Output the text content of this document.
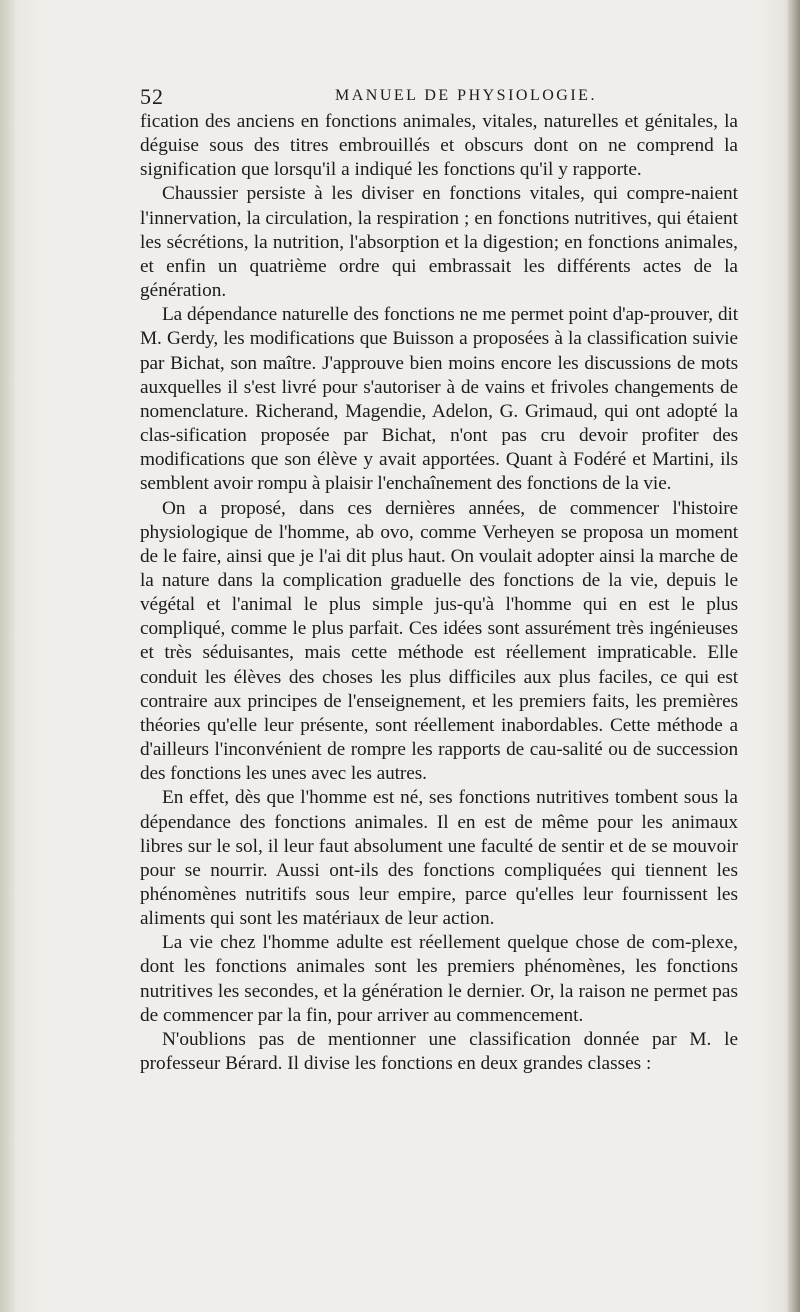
52	MANUEL DE PHYSIOLOGIE.

fication des anciens en fonctions animales, vitales, naturelles et génitales, la déguise sous des titres embrouillés et obscurs dont on ne comprend la signification que lorsqu'il a indiqué les fonctions qu'il y rapporte.

Chaussier persiste à les diviser en fonctions vitales, qui compre-naient l'innervation, la circulation, la respiration ; en fonctions nutritives, qui étaient les sécrétions, la nutrition, l'absorption et la digestion; en fonctions animales, et enfin un quatrième ordre qui embrassait les différents actes de la génération.

La dépendance naturelle des fonctions ne me permet point d'ap-prouver, dit M. Gerdy, les modifications que Buisson a proposées à la classification suivie par Bichat, son maître. J'approuve bien moins encore les discussions de mots auxquelles il s'est livré pour s'autoriser à de vains et frivoles changements de nomenclature. Richerand, Magendie, Adelon, G. Grimaud, qui ont adopté la clas-sification proposée par Bichat, n'ont pas cru devoir profiter des modifications que son élève y avait apportées. Quant à Fodéré et Martini, ils semblent avoir rompu à plaisir l'enchaînement des fonctions de la vie.

On a proposé, dans ces dernières années, de commencer l'histoire physiologique de l'homme, ab ovo, comme Verheyen se proposa un moment de le faire, ainsi que je l'ai dit plus haut. On voulait adopter ainsi la marche de la nature dans la complication graduelle des fonctions de la vie, depuis le végétal et l'animal le plus simple jus-qu'à l'homme qui en est le plus compliqué, comme le plus parfait. Ces idées sont assurément très ingénieuses et très séduisantes, mais cette méthode est réellement impraticable. Elle conduit les élèves des choses les plus difficiles aux plus faciles, ce qui est contraire aux principes de l'enseignement, et les premiers faits, les premières théories qu'elle leur présente, sont réellement inabordables. Cette méthode a d'ailleurs l'inconvénient de rompre les rapports de cau-salité ou de succession des fonctions les unes avec les autres.

En effet, dès que l'homme est né, ses fonctions nutritives tombent sous la dépendance des fonctions animales. Il en est de même pour les animaux libres sur le sol, il leur faut absolument une faculté de sentir et de se mouvoir pour se nourrir. Aussi ont-ils des fonctions compliquées qui tiennent les phénomènes nutritifs sous leur empire, parce qu'elles leur fournissent les aliments qui sont les matériaux de leur action.

La vie chez l'homme adulte est réellement quelque chose de com-plexe, dont les fonctions animales sont les premiers phénomènes, les fonctions nutritives les secondes, et la génération le dernier. Or, la raison ne permet pas de commencer par la fin, pour arriver au commencement.

N'oublions pas de mentionner une classification donnée par M. le professeur Bérard. Il divise les fonctions en deux grandes classes :
